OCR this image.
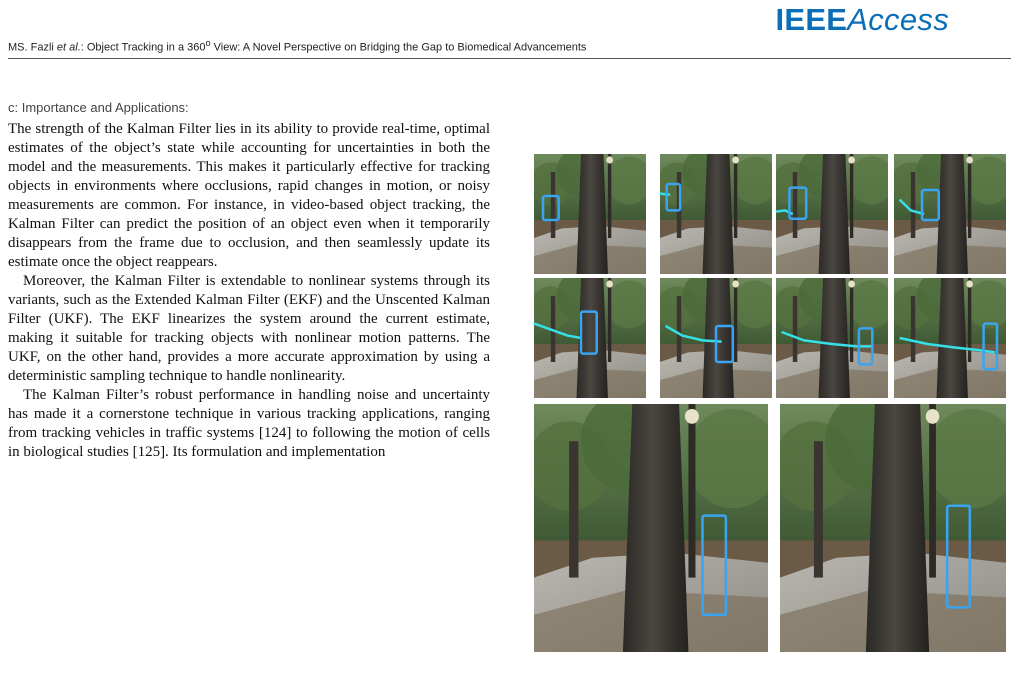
IEEEAccess
MS. Fazli et al.: Object Tracking in a 360$^o$ View: A Novel Perspective on Bridging the Gap to Biomedical Advancements
c: Importance and Applications:

The strength of the Kalman Filter lies in its ability to provide real-time, optimal estimates of the object’s state while accounting for uncertainties in both the model and the measurements. This makes it particularly effective for tracking objects in environments where occlusions, rapid changes in motion, or noisy measurements are common. For instance, in video-based object tracking, the Kalman Filter can predict the position of an object even when it temporarily disappears from the frame due to occlusion, and then seamlessly update its estimate once the object reappears.

Moreover, the Kalman Filter is extendable to nonlinear systems through its variants, such as the Extended Kalman Filter (EKF) and the Unscented Kalman Filter (UKF). The EKF linearizes the system around the current estimate, making it suitable for tracking objects with nonlinear motion patterns. The UKF, on the other hand, provides a more accurate approximation by using a deterministic sampling technique to handle nonlinearity.

The Kalman Filter’s robust performance in handling noise and uncertainty has made it a cornerstone technique in various tracking applications, ranging from tracking vehicles in traffic systems [124] to following the motion of cells in biological studies [125]. Its formulation and implementation
